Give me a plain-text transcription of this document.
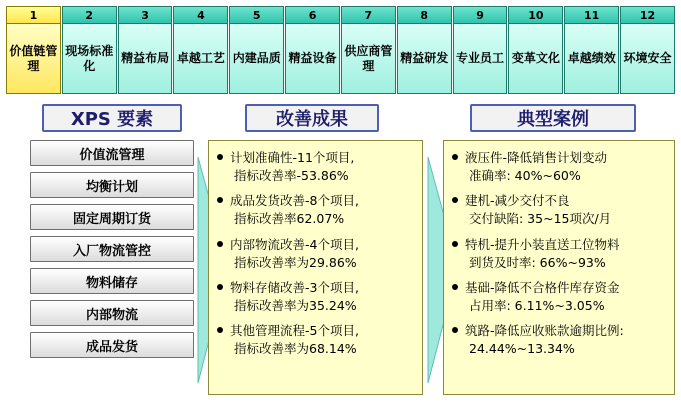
1
价值链管理
2
现场标准化
3
精益布局
4
卓越工艺
5
内建品质
6
精益设备
7
供应商管理
8
精益研发
9
专业员工
10
变革文化
11
卓越绩效
12
环境安全
XPS 要素	改善成果	典型案例
价值流管理
均衡计划
固定周期订货
入厂物流管控
物料储存
内部物流
成品发货
计划准确性-11个项目,
指标改善率-53.86%
成品发货改善-8个项目,
指标改善率62.07%
内部物流改善-4个项目,
指标改善率为29.86%
物料存储改善-3个项目,
指标改善率为35.24%
其他管理流程-5个项目,
指标改善率为68.14%
液压件-降低销售计划变动
准确率: 40%~60%
建机-减少交付不良
交付缺陷: 35~15项次/月
特机-提升小装直送工位物料
到货及时率: 66%~93%
基础-降低不合格件库存资金
占用率: 6.11%~3.05%
筑路-降低应收账款逾期比例:
24.44%~13.34%
